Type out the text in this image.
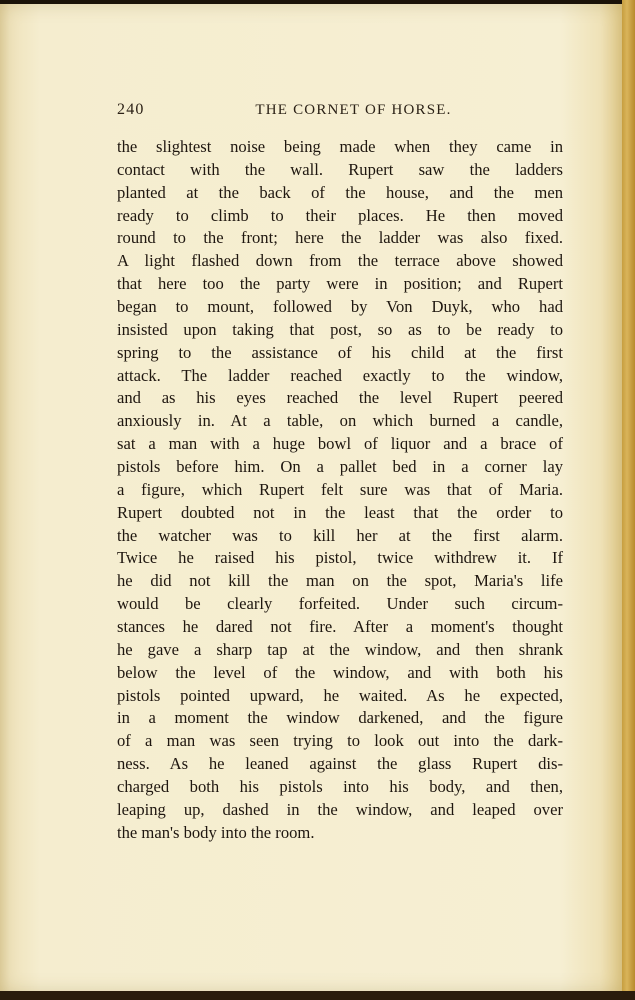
240	THE CORNET OF HORSE.
the slightest noise being made when they came in
contact with the wall. Rupert saw the ladders
planted at the back of the house, and the men
ready to climb to their places. He then moved
round to the front; here the ladder was also fixed.
A light flashed down from the terrace above showed
that here too the party were in position; and Rupert
began to mount, followed by Von Duyk, who had
insisted upon taking that post, so as to be ready to
spring to the assistance of his child at the first
attack. The ladder reached exactly to the window,
and as his eyes reached the level Rupert peered
anxiously in. At a table, on which burned a candle,
sat a man with a huge bowl of liquor and a brace of
pistols before him. On a pallet bed in a corner lay
a figure, which Rupert felt sure was that of Maria.
Rupert doubted not in the least that the order to
the watcher was to kill her at the first alarm.
Twice he raised his pistol, twice withdrew it. If
he did not kill the man on the spot, Maria's life
would be clearly forfeited. Under such circum-
stances he dared not fire. After a moment's thought
he gave a sharp tap at the window, and then shrank
below the level of the window, and with both his
pistols pointed upward, he waited. As he expected,
in a moment the window darkened, and the figure
of a man was seen trying to look out into the dark-
ness. As he leaned against the glass Rupert dis-
charged both his pistols into his body, and then,
leaping up, dashed in the window, and leaped over
the man's body into the room.
